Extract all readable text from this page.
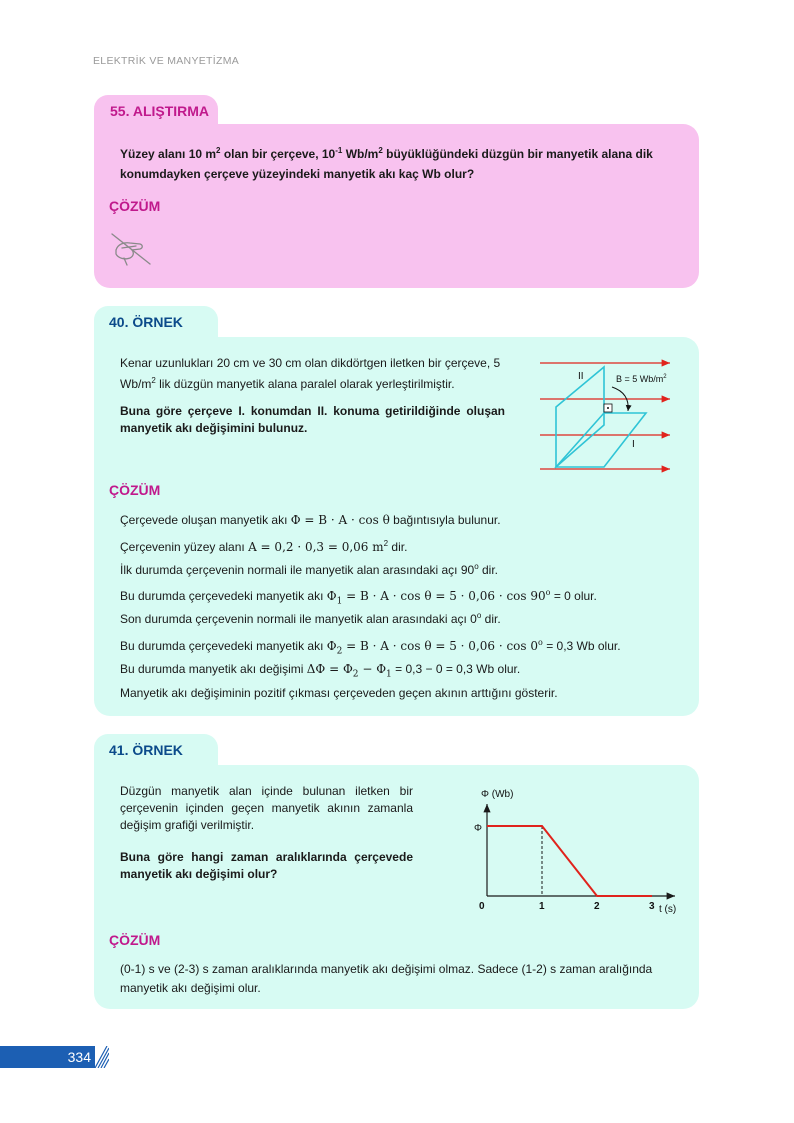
ELEKTRİK VE MANYETİZMA
55. ALIŞTIRMA
Yüzey alanı 10 $m^2$ olan bir çerçeve, $10^{-1}$ $Wb/m^2$ büyüklüğündeki düzgün bir manyetik alana dik konumdayken çerçeve yüzeyindeki manyetik akı kaç Wb olur?
ÇÖZÜM
40. ÖRNEK
Kenar uzunlukları 20 cm ve 30 cm olan dikdörtgen iletken bir çerçeve, 5 $Wb/m^2$ lik düzgün manyetik alana paralel olarak yerleştirilmiştir.
Buna göre çerçeve I. konumdan II. konuma getirildiğinde oluşan manyetik akı değişimini bulunuz.
II
I
B = 5 $Wb/m^2$
ÇÖZÜM
Çerçevede oluşan manyetik akı Φ = B · A · cos θ bağıntısıyla bulunur.
Çerçevenin yüzey alanı A = 0,2 · 0,3 = 0,06 $m^2$ dir.
İlk durumda çerçevenin normali ile manyetik alan arasındaki açı 90$^o$ dir.
Bu durumda çerçevedeki manyetik akı $\Phi_1 = B \cdot A \cdot \cos \theta = 5 \cdot 0,06 \cdot \cos 90^o = 0$ olur.
Son durumda çerçevenin normali ile manyetik alan arasındaki açı 0$^o$ dir.
Bu durumda çerçevedeki manyetik akı $\Phi_2 = B \cdot A \cdot \cos \theta = 5 \cdot 0,06 \cdot \cos 0^o = 0,3$ Wb olur.
Bu durumda manyetik akı değişimi $\Delta\Phi = \Phi_2 - \Phi_1 = 0,3 - 0 = 0,3$ Wb olur.
Manyetik akı değişiminin pozitif çıkması çerçeveden geçen akının arttığını gösterir.
41. ÖRNEK
Düzgün manyetik alan içinde bulunan iletken bir çerçevenin içinden geçen manyetik akının zamanla değişim grafiği verilmiştir.
Buna göre hangi zaman aralıklarında çerçevede manyetik akı değişimi olur?
Φ (Wb)
t (s)
Φ
0	1	2	3
ÇÖZÜM
(0-1) s ve (2-3) s zaman aralıklarında manyetik akı değişimi olmaz. Sadece (1-2) s zaman aralığında manyetik akı değişimi olur.
334
